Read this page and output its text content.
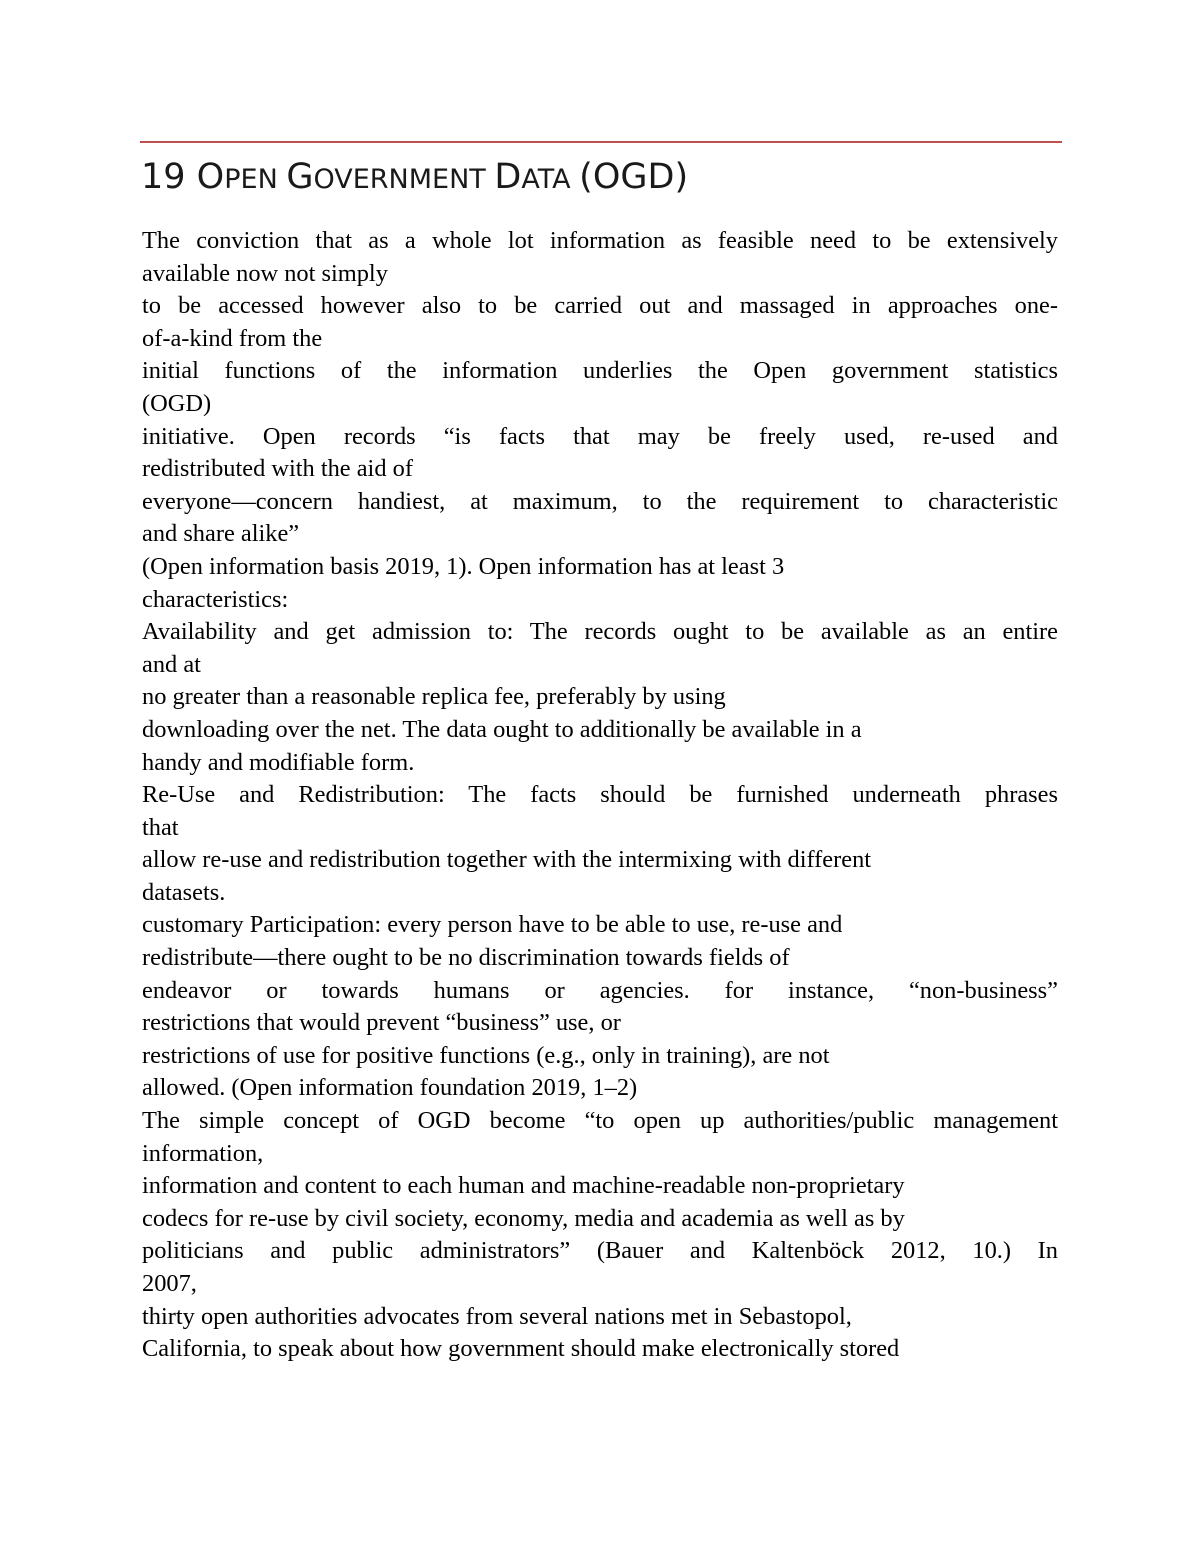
19 OPEN GOVERNMENT DATA (OGD)
The conviction that as a whole lot information as feasible need to be extensively
available now not simply
to be accessed however also to be carried out and massaged in approaches one-
of-a-kind from the
initial functions of the information underlies the Open government statistics
(OGD)
initiative. Open records “is facts that may be freely used, re-used and
redistributed with the aid of
everyone—concern handiest, at maximum, to the requirement to characteristic
and share alike”
(Open information basis 2019, 1). Open information has at least 3
characteristics:
Availability and get admission to: The records ought to be available as an entire
and at
no greater than a reasonable replica fee, preferably by using
downloading over the net. The data ought to additionally be available in a
handy and modifiable form.
Re-Use and Redistribution: The facts should be furnished underneath phrases
that
allow re-use and redistribution together with the intermixing with different
datasets.
customary Participation: every person have to be able to use, re-use and
redistribute—there ought to be no discrimination towards fields of
endeavor or towards humans or agencies. for instance, “non-business”
restrictions that would prevent “business” use, or
restrictions of use for positive functions (e.g., only in training), are not
allowed. (Open information foundation 2019, 1–2)
The simple concept of OGD become “to open up authorities/public management
information,
information and content to each human and machine-readable non-proprietary
codecs for re-use by civil society, economy, media and academia as well as by
politicians and public administrators” (Bauer and Kaltenböck 2012, 10.) In
2007,
thirty open authorities advocates from several nations met in Sebastopol,
California, to speak about how government should make electronically stored
